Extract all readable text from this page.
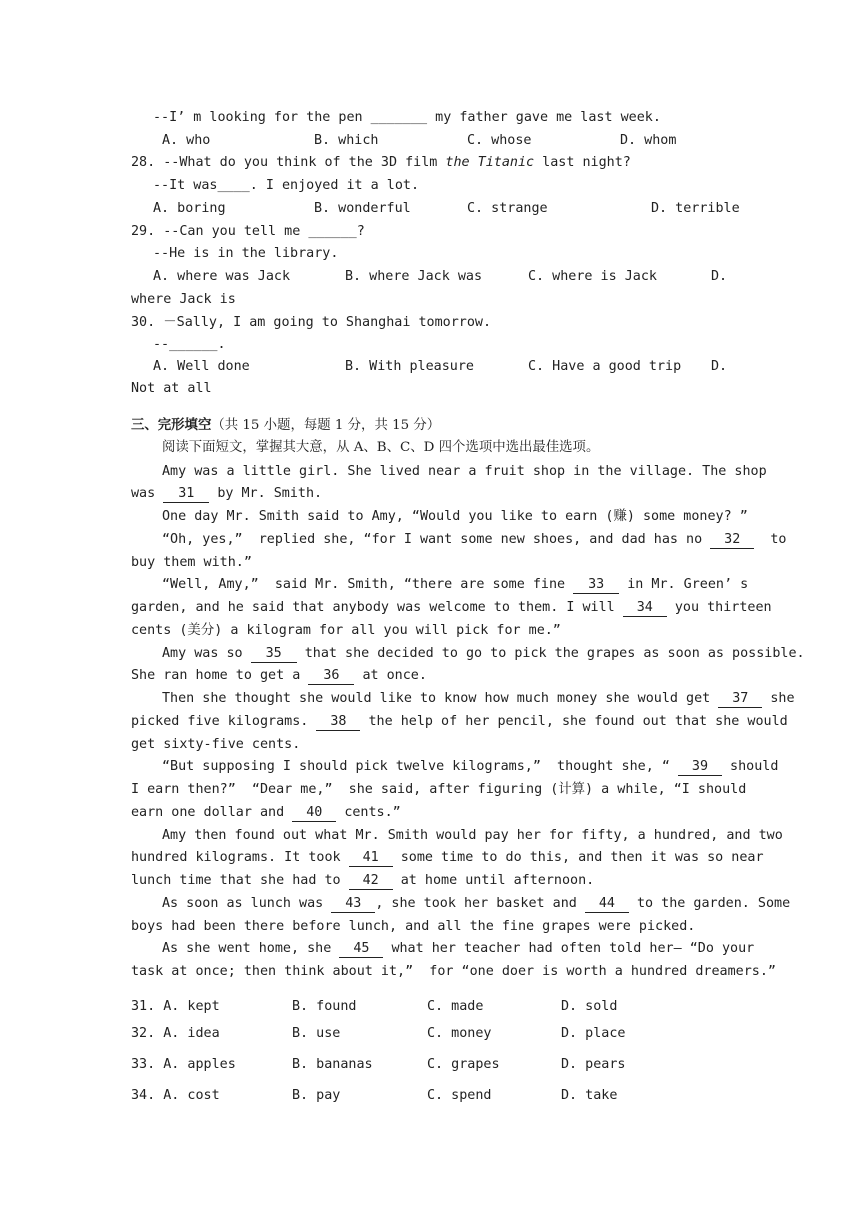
--I’ m looking for the pen _______ my father gave me last week.
A. who	B. which	C. whose	D. whom
28. --What do you think of the 3D film the Titanic last night?
--It was____. I enjoyed it a lot.
A. boring	B. wonderful	C. strange	D. terrible
29. --Can you tell me ______?
--He is in the library.
A. where was Jack	B. where Jack was	C. where is Jack	D.
where Jack is
30. －Sally, I am going to Shanghai tomorrow.
--______.
A. Well done	B. With pleasure	C. Have a good trip D.
Not at all
三、完形填空（共 15 小题，每题 1 分，共 15 分）
阅读下面短文，掌握其大意，从 A、B、C、D 四个选项中选出最佳选项。
Amy was a little girl. She lived near a fruit shop in the village. The shop
was 31 by Mr. Smith.
One day Mr. Smith said to Amy, “Would you like to earn (赚) some money? ”
“Oh, yes,”  replied she, “for I want some new shoes, and dad has no 32 to
buy them with.”
“Well, Amy,”  said Mr. Smith, “there are some fine 33 in Mr. Green’ s
garden, and he said that anybody was welcome to them. I will 34 you thirteen
cents (美分) a kilogram for all you will pick for me.”
Amy was so 35 that she decided to go to pick the grapes as soon as possible.
She ran home to get a 36 at once.
Then she thought she would like to know how much money she would get 37 she
picked five kilograms. 38 the help of her pencil, she found out that she would
get sixty-five cents.
“But supposing I should pick twelve kilograms,”  thought she, “ 39 should
I earn then?”  “Dear me,”  she said, after figuring (计算) a while, “I should
earn one dollar and 40 cents.”
Amy then found out what Mr. Smith would pay her for fifty, a hundred, and two
hundred kilograms. It took 41 some time to do this, and then it was so near
lunch time that she had to 42 at home until afternoon.
As soon as lunch was 43 , she took her basket and 44 to the garden. Some
boys had been there before lunch, and all the fine grapes were picked.
As she went home, she 45 what her teacher had often told her— “Do your
task at once; then think about it,”  for “one doer is worth a hundred dreamers.”
31. A. kept	B. found	C. made	D. sold
32. A. idea	B. use	C. money	D. place
33. A. apples	B. bananas	C. grapes	D. pears
34. A. cost	B. pay	C. spend	D. take
